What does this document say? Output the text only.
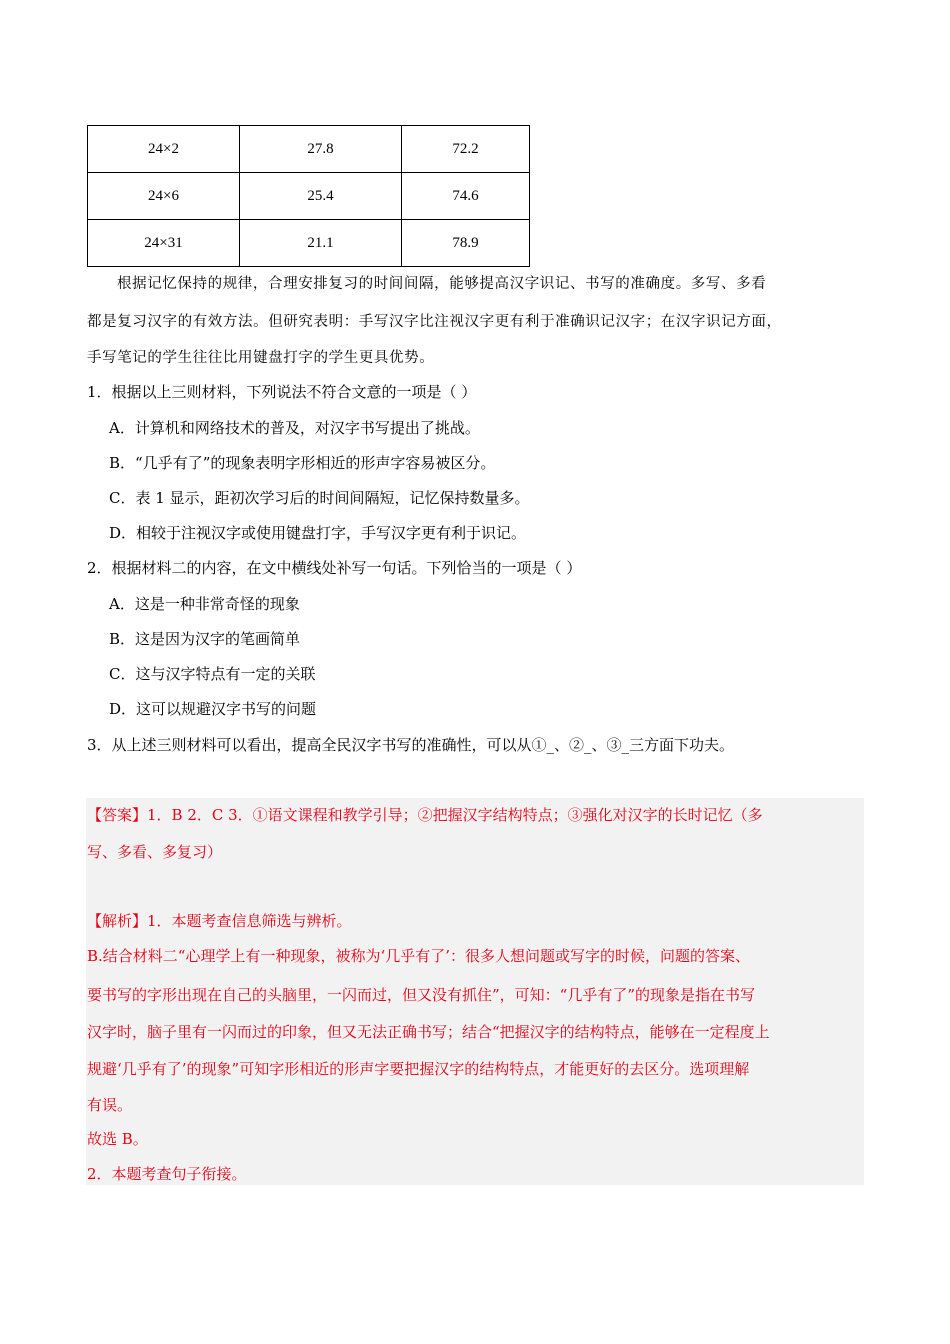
24×2	27.8	72.2
24×6	25.4	74.6
24×31	21.1	78.9
根据记忆保持的规律，合理安排复习的时间间隔，能够提高汉字识记、书写的准确度。多写、多看
都是复习汉字的有效方法。但研究表明：手写汉字比注视汉字更有利于准确识记汉字；在汉字识记方面，
手写笔记的学生往往比用键盘打字的学生更具优势。
1．根据以上三则材料，下列说法不符合文意的一项是（ ）
A．计算机和网络技术的普及，对汉字书写提出了挑战。
B．“几乎有了”的现象表明字形相近的形声字容易被区分。
C．表 1 显示，距初次学习后的时间间隔短，记忆保持数量多。
D．相较于注视汉字或使用键盘打字，手写汉字更有利于识记。
2．根据材料二的内容，在文中横线处补写一句话。下列恰当的一项是（ ）
A．这是一种非常奇怪的现象
B．这是因为汉字的笔画简单
C．这与汉字特点有一定的关联
D．这可以规避汉字书写的问题
3．从上述三则材料可以看出，提高全民汉字书写的准确性，可以从①_、②_、③_三方面下功夫。
【答案】1．B 2．C 3．①语文课程和教学引导；②把握汉字结构特点；③强化对汉字的长时记忆（多
写、多看、多复习）
【解析】1．本题考查信息筛选与辨析。
B.结合材料二“心理学上有一种现象，被称为‘几乎有了’：很多人想问题或写字的时候，问题的答案、
要书写的字形出现在自己的头脑里，一闪而过，但又没有抓住”，可知：“几乎有了”的现象是指在书写
汉字时，脑子里有一闪而过的印象，但又无法正确书写；结合“把握汉字的结构特点，能够在一定程度上
规避‘几乎有了’的现象”可知字形相近的形声字要把握汉字的结构特点，才能更好的去区分。选项理解
有误。
故选 B。
2．本题考查句子衔接。
